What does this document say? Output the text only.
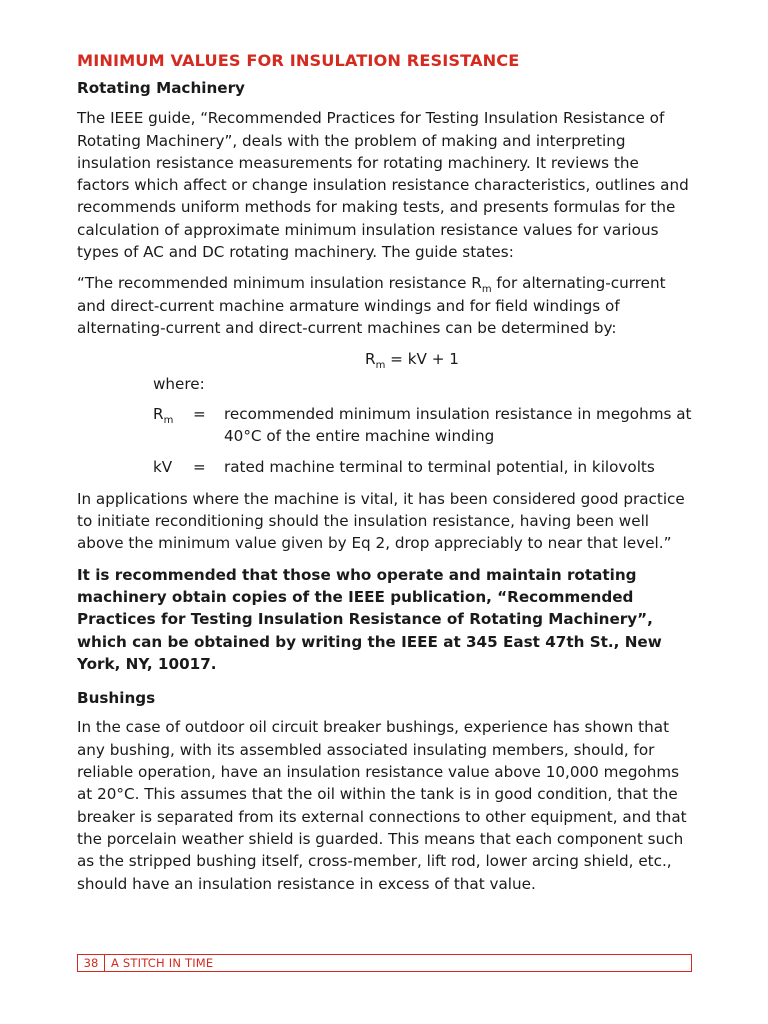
MINIMUM VALUES FOR INSULATION RESISTANCE
Rotating Machinery

The IEEE guide, “Recommended Practices for Testing Insulation Resistance of Rotating Machinery”, deals with the problem of making and interpreting insulation resistance measurements for rotating machinery. It reviews the factors which affect or change insulation resistance characteristics, outlines and recommends uniform methods for making tests, and presents formulas for the calculation of approximate minimum insulation resistance values for various types of AC and DC rotating machinery. The guide states:

“The recommended minimum insulation resistance $R_m$ for alternating-current and direct-current machine armature windings and for field windings of alternating-current and direct-current machines can be determined by:

$R_m$ = kV + 1
where:
$R_m$	=	recommended minimum insulation resistance in megohms at 40°C of the entire machine winding
kV	=	rated machine terminal to terminal potential, in kilovolts

In applications where the machine is vital, it has been considered good practice to initiate reconditioning should the insulation resistance, having been well above the minimum value given by Eq 2, drop appreciably to near that level.”

It is recommended that those who operate and maintain rotating machinery obtain copies of the IEEE publication, “Recommended Practices for Testing Insulation Resistance of Rotating Machinery”, which can be obtained by writing the IEEE at 345 East 47th St., New York, NY, 10017.

Bushings

In the case of outdoor oil circuit breaker bushings, experience has shown that any bushing, with its assembled associated insulating members, should, for reliable operation, have an insulation resistance value above 10,000 megohms at 20°C. This assumes that the oil within the tank is in good condition, that the breaker is separated from its external connections to other equipment, and that the porcelain weather shield is guarded. This means that each component such as the stripped bushing itself, cross-member, lift rod, lower arcing shield, etc., should have an insulation resistance in excess of that value.

38	A STITCH IN TIME
